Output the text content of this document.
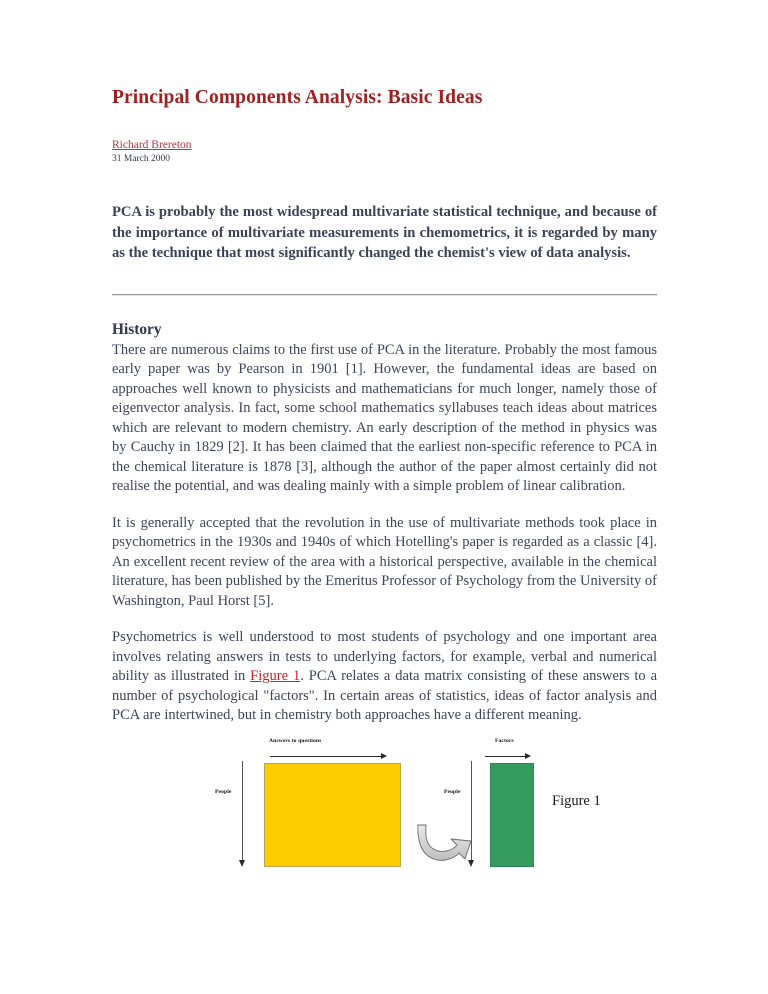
Principal Components Analysis: Basic Ideas
Richard Brereton
31 March 2000

PCA is probably the most widespread multivariate statistical technique, and because of the importance of multivariate measurements in chemometrics, it is regarded by many as the technique that most significantly changed the chemist's view of data analysis.

History

There are numerous claims to the first use of PCA in the literature. Probably the most famous early paper was by Pearson in 1901 [1]. However, the fundamental ideas are based on approaches well known to physicists and mathematicians for much longer, namely those of eigenvector analysis. In fact, some school mathematics syllabuses teach ideas about matrices which are relevant to modern chemistry. An early description of the method in physics was by Cauchy in 1829 [2]. It has been claimed that the earliest non-specific reference to PCA in the chemical literature is 1878 [3], although the author of the paper almost certainly did not realise the potential, and was dealing mainly with a simple problem of linear calibration.

It is generally accepted that the revolution in the use of multivariate methods took place in psychometrics in the 1930s and 1940s of which Hotelling's paper is regarded as a classic [4]. An excellent recent review of the area with a historical perspective, available in the chemical literature, has been published by the Emeritus Professor of Psychology from the University of Washington, Paul Horst [5].

Psychometrics is well understood to most students of psychology and one important area involves relating answers in tests to underlying factors, for example, verbal and numerical ability as illustrated in Figure 1. PCA relates a data matrix consisting of these answers to a number of psychological "factors". In certain areas of statistics, ideas of factor analysis and PCA are intertwined, but in chemistry both approaches have a different meaning.

Answers to questions
People
Factors
People
Figure 1
